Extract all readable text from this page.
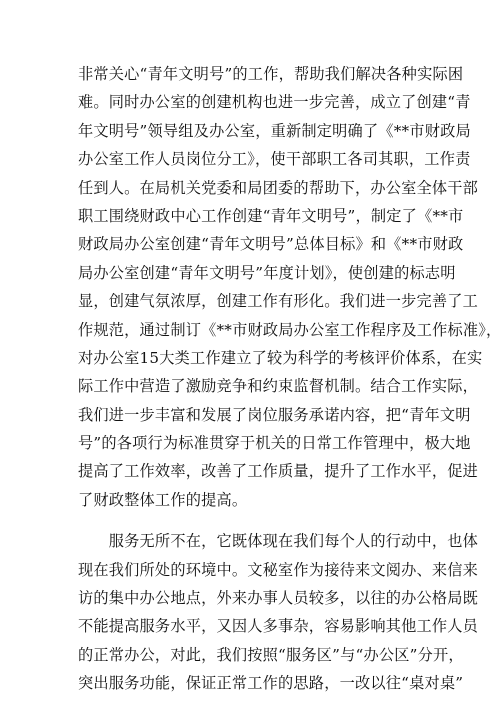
非常关心“青年文明号”的工作，帮助我们解决各种实际困
难。同时办公室的创建机构也进一步完善，成立了创建“青
年文明号”领导组及办公室，重新制定明确了《**市财政局
办公室工作人员岗位分工》，使干部职工各司其职，工作责
任到人。在局机关党委和局团委的帮助下，办公室全体干部
职工围绕财政中心工作创建“青年文明号”，制定了《**市
财政局办公室创建“青年文明号”总体目标》和《**市财政
局办公室创建“青年文明号”年度计划》，使创建的标志明
显，创建气氛浓厚，创建工作有形化。我们进一步完善了工
作规范，通过制订《**市财政局办公室工作程序及工作标准》，
对办公室15大类工作建立了较为科学的考核评价体系，在实
际工作中营造了激励竞争和约束监督机制。结合工作实际，
我们进一步丰富和发展了岗位服务承诺内容，把“青年文明
号”的各项行为标准贯穿于机关的日常工作管理中，极大地
提高了工作效率，改善了工作质量，提升了工作水平，促进
了财政整体工作的提高。
　　服务无所不在，它既体现在我们每个人的行动中，也体
现在我们所处的环境中。文秘室作为接待来文阅办、来信来
访的集中办公地点，外来办事人员较多，以往的办公格局既
不能提高服务水平，又因人多事杂，容易影响其他工作人员
的正常办公，对此，我们按照“服务区”与“办公区”分开，
突出服务功能，保证正常工作的思路，一改以往“桌对桌”
